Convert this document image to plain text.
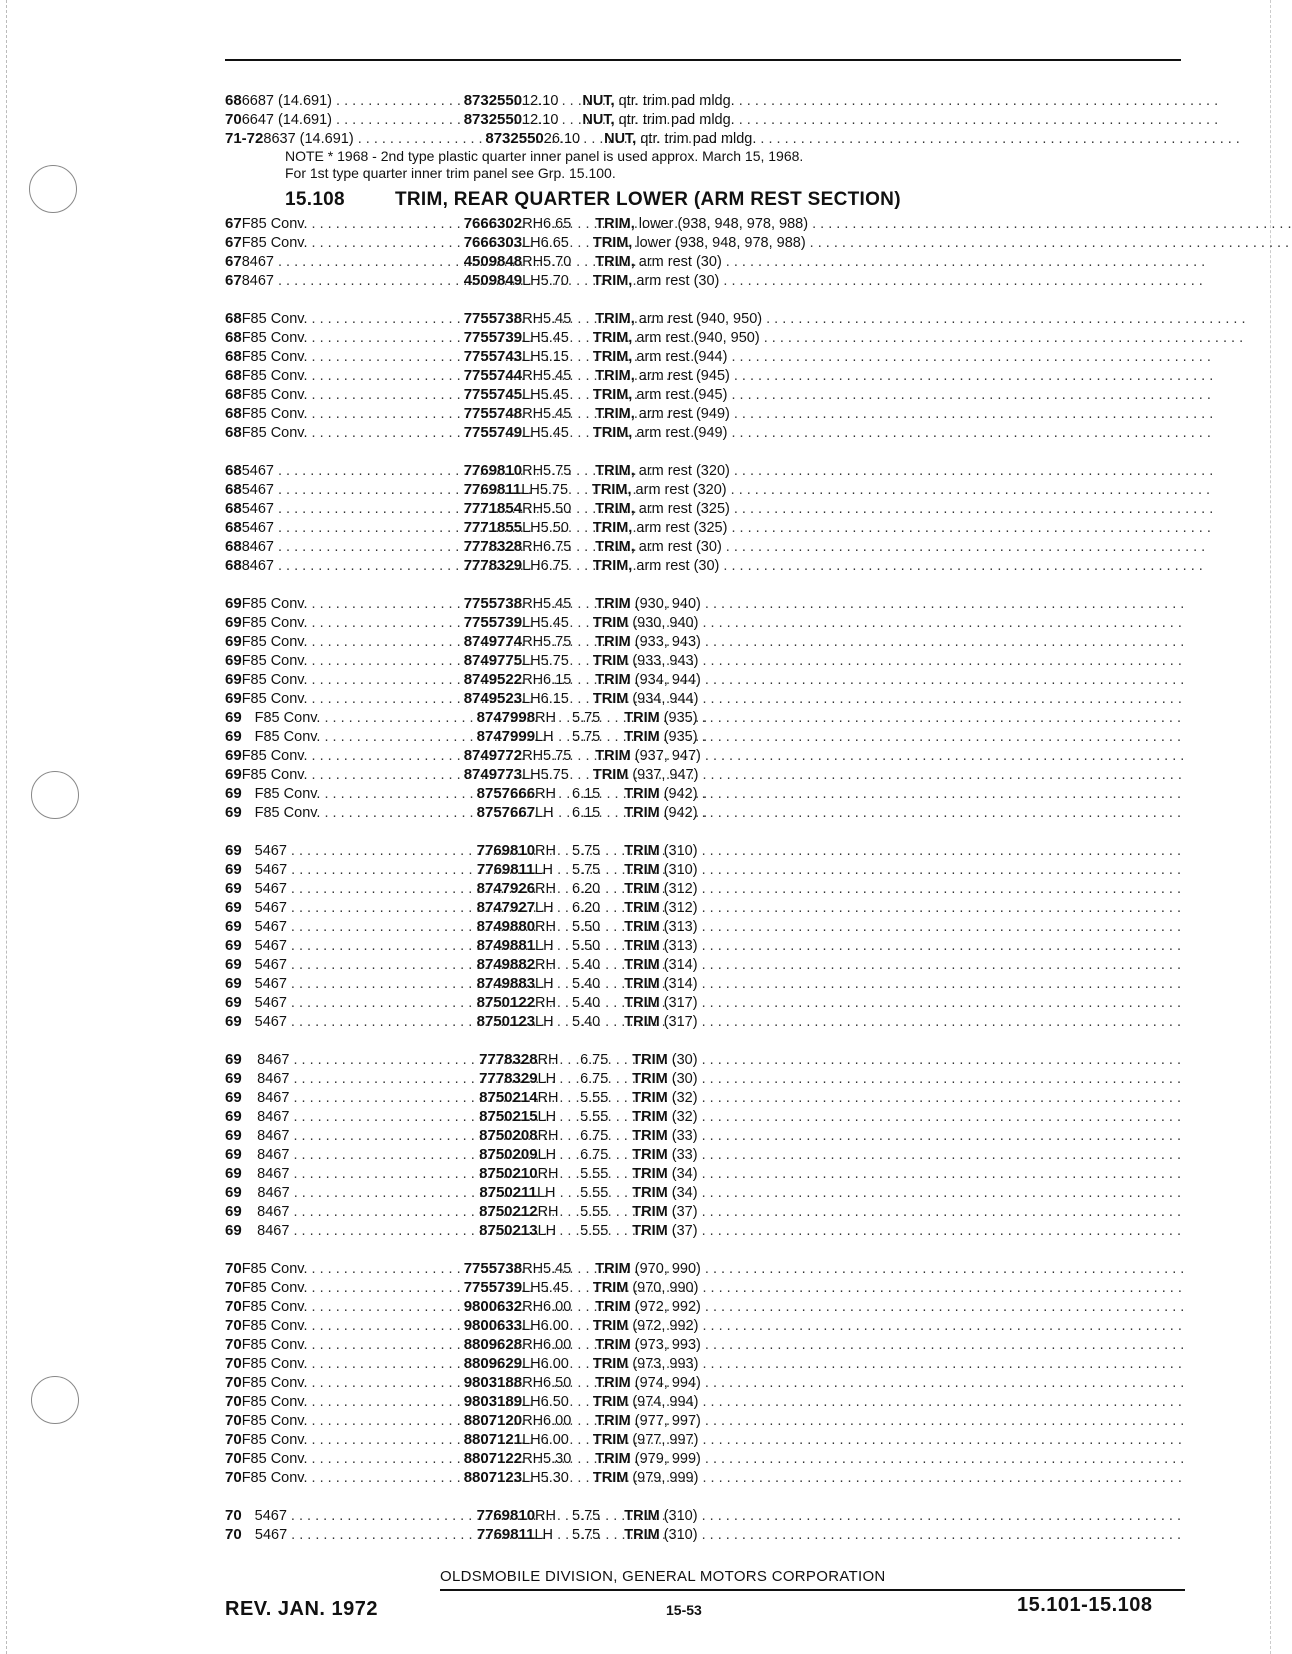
68 6687 (14.691) . . .	8732550 12 .10	NUT, qtr. trim pad mldg. . . . . . . . . . . . . . . . . . . . . . . . . . . . . . . . . . . . . . . . . . . . . . . . . . . . . . . . . . . . .
70 6647 (14.691) . . .	8732550 12 .10	NUT, qtr. trim pad mldg. . . . . . . . . . . . . . . . . . . . . . . . . . . . . . . . . . . . . . . . . . . . . . . . . . . . . . . . . . . . .
71-72 8637 (14.691) . . .	8732550 26 .10	NUT, qtr. trim pad mldg. . . . . . . . . . . . . . . . . . . . . . . . . . . . . . . . . . . . . . . . . . . . . . . . . . . . . . . . . . . . .
NOTE * 1968 - 2nd type plastic quarter inner panel is used approx. March 15, 1968.
For 1st type quarter inner trim panel see Grp. 15.100.
15.108	TRIM, REAR QUARTER LOWER (ARM REST SECTION)
67 F85 Conv. . . .	7666302 RH 6.65	TRIM, lower (938, 948, 978, 988) . . . . . . . . . . . . . . . . . . . . . . . . . . . . . . . . . . . . . . . . . . . . . . . . . . . . . . . . . . . .
67 F85 Conv. . . .	7666303 LH 6.65	TRIM, lower (938, 948, 978, 988) . . . . . . . . . . . . . . . . . . . . . . . . . . . . . . . . . . . . . . . . . . . . . . . . . . . . . . . . . . . .
67 8467 . . .	4509848 RH 5.70	TRIM, arm rest (30) . . . . . . . . . . . . . . . . . . . . . . . . . . . . . . . . . . . . . . . . . . . . . . . . . . . . . . . . . . . .
67 8467 . . .	4509849 LH 5.70	TRIM, arm rest (30) . . . . . . . . . . . . . . . . . . . . . . . . . . . . . . . . . . . . . . . . . . . . . . . . . . . . . . . . . . . .
68 F85 Conv. . . .	7755738 RH 5.45	TRIM, arm rest (940, 950) . . . . . . . . . . . . . . . . . . . . . . . . . . . . . . . . . . . . . . . . . . . . . . . . . . . . . . . . . . . .
68 F85 Conv. . . .	7755739 LH 5.45	TRIM, arm rest (940, 950) . . . . . . . . . . . . . . . . . . . . . . . . . . . . . . . . . . . . . . . . . . . . . . . . . . . . . . . . . . . .
68 F85 Conv. . . .	7755743 LH 5.15	TRIM, arm rest (944) . . . . . . . . . . . . . . . . . . . . . . . . . . . . . . . . . . . . . . . . . . . . . . . . . . . . . . . . . . . .
68 F85 Conv. . . .	7755744 RH 5.45	TRIM, arm rest (945) . . . . . . . . . . . . . . . . . . . . . . . . . . . . . . . . . . . . . . . . . . . . . . . . . . . . . . . . . . . .
68 F85 Conv. . . .	7755745 LH 5.45	TRIM, arm rest (945) . . . . . . . . . . . . . . . . . . . . . . . . . . . . . . . . . . . . . . . . . . . . . . . . . . . . . . . . . . . .
68 F85 Conv. . . .	7755748 RH 5.45	TRIM, arm rest (949) . . . . . . . . . . . . . . . . . . . . . . . . . . . . . . . . . . . . . . . . . . . . . . . . . . . . . . . . . . . .
68 F85 Conv. . . .	7755749 LH 5.45	TRIM, arm rest (949) . . . . . . . . . . . . . . . . . . . . . . . . . . . . . . . . . . . . . . . . . . . . . . . . . . . . . . . . . . . .
68 5467 . . .	7769810 RH 5.75	TRIM, arm rest (320) . . . . . . . . . . . . . . . . . . . . . . . . . . . . . . . . . . . . . . . . . . . . . . . . . . . . . . . . . . . .
68 5467 . . .	7769811 LH 5.75	TRIM, arm rest (320) . . . . . . . . . . . . . . . . . . . . . . . . . . . . . . . . . . . . . . . . . . . . . . . . . . . . . . . . . . . .
68 5467 . . .	7771854 RH 5.50	TRIM, arm rest (325) . . . . . . . . . . . . . . . . . . . . . . . . . . . . . . . . . . . . . . . . . . . . . . . . . . . . . . . . . . . .
68 5467 . . .	7771855 LH 5.50	TRIM, arm rest (325) . . . . . . . . . . . . . . . . . . . . . . . . . . . . . . . . . . . . . . . . . . . . . . . . . . . . . . . . . . . .
68 8467 . . .	7778328 RH 6.75	TRIM, arm rest (30) . . . . . . . . . . . . . . . . . . . . . . . . . . . . . . . . . . . . . . . . . . . . . . . . . . . . . . . . . . . .
68 8467 . . .	7778329 LH 6.75	TRIM, arm rest (30) . . . . . . . . . . . . . . . . . . . . . . . . . . . . . . . . . . . . . . . . . . . . . . . . . . . . . . . . . . . .
69 F85 Conv. . . .	7755738 RH 5.45	TRIM (930, 940) . . . . . . . . . . . . . . . . . . . . . . . . . . . . . . . . . . . . . . . . . . . . . . . . . . . . . . . . . . . .
69 F85 Conv. . . .	7755739 LH 5.45	TRIM (930, 940) . . . . . . . . . . . . . . . . . . . . . . . . . . . . . . . . . . . . . . . . . . . . . . . . . . . . . . . . . . . .
69 F85 Conv. . . .	8749774 RH 5.75	TRIM (933, 943) . . . . . . . . . . . . . . . . . . . . . . . . . . . . . . . . . . . . . . . . . . . . . . . . . . . . . . . . . . . .
69 F85 Conv. . . .	8749775 LH 5.75	TRIM (933, 943) . . . . . . . . . . . . . . . . . . . . . . . . . . . . . . . . . . . . . . . . . . . . . . . . . . . . . . . . . . . .
69 F85 Conv. . . .	8749522 RH 6.15	TRIM (934, 944) . . . . . . . . . . . . . . . . . . . . . . . . . . . . . . . . . . . . . . . . . . . . . . . . . . . . . . . . . . . .
69 F85 Conv. . . .	8749523 LH 6.15	TRIM (934, 944) . . . . . . . . . . . . . . . . . . . . . . . . . . . . . . . . . . . . . . . . . . . . . . . . . . . . . . . . . . . .
69 F85 Conv. . . .	8747998 RH	5.75	TRIM (935) . . . . . . . . . . . . . . . . . . . . . . . . . . . . . . . . . . . . . . . . . . . . . . . . . . . . . . . . . . . .
69 F85 Conv. . . .	8747999 LH	5.75	TRIM (935) . . . . . . . . . . . . . . . . . . . . . . . . . . . . . . . . . . . . . . . . . . . . . . . . . . . . . . . . . . . .
69 F85 Conv. . . .	8749772 RH 5.75	TRIM (937, 947) . . . . . . . . . . . . . . . . . . . . . . . . . . . . . . . . . . . . . . . . . . . . . . . . . . . . . . . . . . . .
69 F85 Conv. . . .	8749773 LH 5.75	TRIM (937, 947) . . . . . . . . . . . . . . . . . . . . . . . . . . . . . . . . . . . . . . . . . . . . . . . . . . . . . . . . . . . .
69 F85 Conv. . . .	8757666 RH	6.15	TRIM (942) . . . . . . . . . . . . . . . . . . . . . . . . . . . . . . . . . . . . . . . . . . . . . . . . . . . . . . . . . . . .
69 F85 Conv. . . .	8757667 LH	6.15	TRIM (942) . . . . . . . . . . . . . . . . . . . . . . . . . . . . . . . . . . . . . . . . . . . . . . . . . . . . . . . . . . . .
69 5467 . . .	7769810 RH	5.75	TRIM (310) . . . . . . . . . . . . . . . . . . . . . . . . . . . . . . . . . . . . . . . . . . . . . . . . . . . . . . . . . . . .
69 5467 . . .	7769811 LH	5.75	TRIM (310) . . . . . . . . . . . . . . . . . . . . . . . . . . . . . . . . . . . . . . . . . . . . . . . . . . . . . . . . . . . .
69 5467 . . .	8747926 RH	6.20	TRIM (312) . . . . . . . . . . . . . . . . . . . . . . . . . . . . . . . . . . . . . . . . . . . . . . . . . . . . . . . . . . . .
69 5467 . . .	8747927 LH	6.20	TRIM (312) . . . . . . . . . . . . . . . . . . . . . . . . . . . . . . . . . . . . . . . . . . . . . . . . . . . . . . . . . . . .
69 5467 . . .	8749880 RH	5.50	TRIM (313) . . . . . . . . . . . . . . . . . . . . . . . . . . . . . . . . . . . . . . . . . . . . . . . . . . . . . . . . . . . .
69 5467 . . .	8749881 LH	5.50	TRIM (313) . . . . . . . . . . . . . . . . . . . . . . . . . . . . . . . . . . . . . . . . . . . . . . . . . . . . . . . . . . . .
69 5467 . . .	8749882 RH	5.40	TRIM (314) . . . . . . . . . . . . . . . . . . . . . . . . . . . . . . . . . . . . . . . . . . . . . . . . . . . . . . . . . . . .
69 5467 . . .	8749883 LH	5.40	TRIM (314) . . . . . . . . . . . . . . . . . . . . . . . . . . . . . . . . . . . . . . . . . . . . . . . . . . . . . . . . . . . .
69 5467 . . .	8750122 RH	5.40	TRIM (317) . . . . . . . . . . . . . . . . . . . . . . . . . . . . . . . . . . . . . . . . . . . . . . . . . . . . . . . . . . . .
69 5467 . . .	8750123 LH	5.40	TRIM (317) . . . . . . . . . . . . . . . . . . . . . . . . . . . . . . . . . . . . . . . . . . . . . . . . . . . . . . . . . . . .
69	8467 . . .	7778328 RH	6.75	TRIM (30) . . . . . . . . . . . . . . . . . . . . . . . . . . . . . . . . . . . . . . . . . . . . . . . . . . . . . . . . . . . .
69	8467 . . .	7778329 LH	6.75	TRIM (30) . . . . . . . . . . . . . . . . . . . . . . . . . . . . . . . . . . . . . . . . . . . . . . . . . . . . . . . . . . . .
69	8467 . . .	8750214 RH	5.55	TRIM (32) . . . . . . . . . . . . . . . . . . . . . . . . . . . . . . . . . . . . . . . . . . . . . . . . . . . . . . . . . . . .
69	8467 . . .	8750215 LH	5.55	TRIM (32) . . . . . . . . . . . . . . . . . . . . . . . . . . . . . . . . . . . . . . . . . . . . . . . . . . . . . . . . . . . .
69	8467 . . .	8750208 RH	6.75	TRIM (33) . . . . . . . . . . . . . . . . . . . . . . . . . . . . . . . . . . . . . . . . . . . . . . . . . . . . . . . . . . . .
69	8467 . . .	8750209 LH	6.75	TRIM (33) . . . . . . . . . . . . . . . . . . . . . . . . . . . . . . . . . . . . . . . . . . . . . . . . . . . . . . . . . . . .
69	8467 . . .	8750210 RH	5.55	TRIM (34) . . . . . . . . . . . . . . . . . . . . . . . . . . . . . . . . . . . . . . . . . . . . . . . . . . . . . . . . . . . .
69	8467 . . .	8750211 LH	5.55	TRIM (34) . . . . . . . . . . . . . . . . . . . . . . . . . . . . . . . . . . . . . . . . . . . . . . . . . . . . . . . . . . . .
69	8467 . . .	8750212 RH	5.55	TRIM (37) . . . . . . . . . . . . . . . . . . . . . . . . . . . . . . . . . . . . . . . . . . . . . . . . . . . . . . . . . . . .
69	8467 . . .	8750213 LH	5.55	TRIM (37) . . . . . . . . . . . . . . . . . . . . . . . . . . . . . . . . . . . . . . . . . . . . . . . . . . . . . . . . . . . .
70 F85 Conv. . . .	7755738 RH 5.45	TRIM (970, 990) . . . . . . . . . . . . . . . . . . . . . . . . . . . . . . . . . . . . . . . . . . . . . . . . . . . . . . . . . . . .
70 F85 Conv. . . .	7755739 LH 5.45	TRIM (970, 990) . . . . . . . . . . . . . . . . . . . . . . . . . . . . . . . . . . . . . . . . . . . . . . . . . . . . . . . . . . . .
70 F85 Conv. . . .	9800632 RH 6.00	TRIM (972, 992) . . . . . . . . . . . . . . . . . . . . . . . . . . . . . . . . . . . . . . . . . . . . . . . . . . . . . . . . . . . .
70 F85 Conv. . . .	9800633 LH 6.00	TRIM (972, 992) . . . . . . . . . . . . . . . . . . . . . . . . . . . . . . . . . . . . . . . . . . . . . . . . . . . . . . . . . . . .
70 F85 Conv. . . .	8809628 RH 6.00	TRIM (973, 993) . . . . . . . . . . . . . . . . . . . . . . . . . . . . . . . . . . . . . . . . . . . . . . . . . . . . . . . . . . . .
70 F85 Conv. . . .	8809629 LH 6.00	TRIM (973, 993) . . . . . . . . . . . . . . . . . . . . . . . . . . . . . . . . . . . . . . . . . . . . . . . . . . . . . . . . . . . .
70 F85 Conv. . . .	9803188 RH 6.50	TRIM (974, 994) . . . . . . . . . . . . . . . . . . . . . . . . . . . . . . . . . . . . . . . . . . . . . . . . . . . . . . . . . . . .
70 F85 Conv. . . .	9803189 LH 6.50	TRIM (974, 994) . . . . . . . . . . . . . . . . . . . . . . . . . . . . . . . . . . . . . . . . . . . . . . . . . . . . . . . . . . . .
70 F85 Conv. . . .	8807120 RH 6.00	TRIM (977, 997) . . . . . . . . . . . . . . . . . . . . . . . . . . . . . . . . . . . . . . . . . . . . . . . . . . . . . . . . . . . .
70 F85 Conv. . . .	8807121 LH 6.00	TRIM (977, 997) . . . . . . . . . . . . . . . . . . . . . . . . . . . . . . . . . . . . . . . . . . . . . . . . . . . . . . . . . . . .
70 F85 Conv. . . .	8807122 RH 5.30	TRIM (979, 999) . . . . . . . . . . . . . . . . . . . . . . . . . . . . . . . . . . . . . . . . . . . . . . . . . . . . . . . . . . . .
70 F85 Conv. . . .	8807123 LH 5.30	TRIM (979, 999) . . . . . . . . . . . . . . . . . . . . . . . . . . . . . . . . . . . . . . . . . . . . . . . . . . . . . . . . . . . .
70 5467 . . .	7769810 RH	5.75	TRIM (310) . . . . . . . . . . . . . . . . . . . . . . . . . . . . . . . . . . . . . . . . . . . . . . . . . . . . . . . . . . . .
70 5467 . . .	7769811 LH	5.75	TRIM (310) . . . . . . . . . . . . . . . . . . . . . . . . . . . . . . . . . . . . . . . . . . . . . . . . . . . . . . . . . . . .
OLDSMOBILE DIVISION, GENERAL MOTORS CORPORATION
REV. JAN. 1972	15-53	15.101-15.108
